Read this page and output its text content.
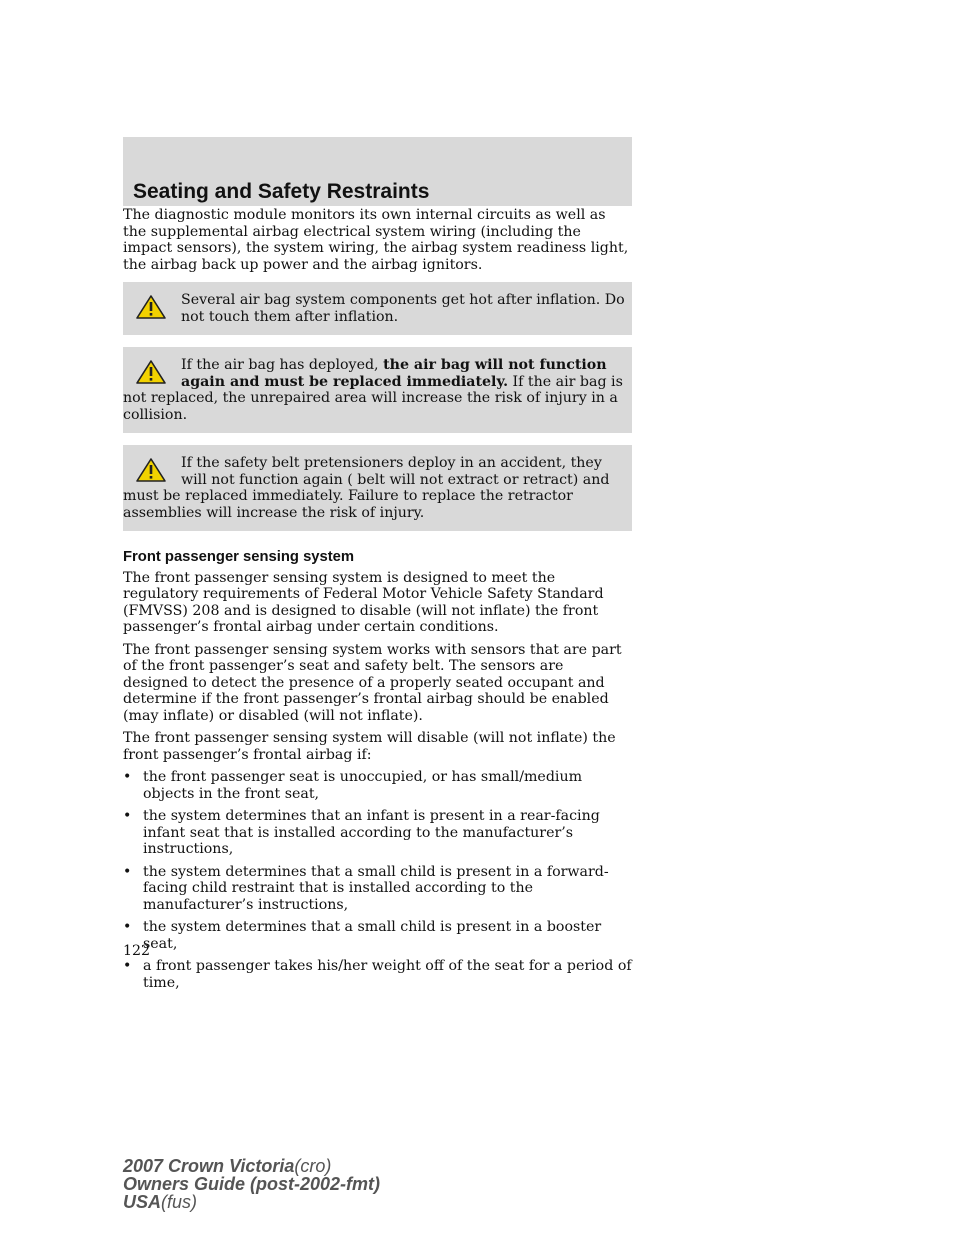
Seating and Safety Restraints

The diagnostic module monitors its own internal circuits as well as the supplemental airbag electrical system wiring (including the impact sensors), the system wiring, the airbag system readiness light, the airbag back up power and the airbag ignitors.

Several air bag system components get hot after inflation. Do not touch them after inflation.
If the air bag has deployed, the air bag will not function again and must be replaced immediately. If the air bag is not replaced, the unrepaired area will increase the risk of injury in a collision.
If the safety belt pretensioners deploy in an accident, they will not function again ( belt will not extract or retract) and must be replaced immediately. Failure to replace the retractor assemblies will increase the risk of injury.
Front passenger sensing system

The front passenger sensing system is designed to meet the regulatory requirements of Federal Motor Vehicle Safety Standard (FMVSS) 208 and is designed to disable (will not inflate) the front passenger’s frontal airbag under certain conditions.

The front passenger sensing system works with sensors that are part of the front passenger’s seat and safety belt. The sensors are designed to detect the presence of a properly seated occupant and determine if the front passenger’s frontal airbag should be enabled (may inflate) or disabled (will not inflate).

The front passenger sensing system will disable (will not inflate) the front passenger’s frontal airbag if:

• the front passenger seat is unoccupied, or has small/medium objects in the front seat,
• the system determines that an infant is present in a rear-facing infant seat that is installed according to the manufacturer’s instructions,
• the system determines that a small child is present in a forward-facing child restraint that is installed according to the manufacturer’s instructions,
• the system determines that a small child is present in a booster seat,
• a front passenger takes his/her weight off of the seat for a period of time,
122
2007 Crown Victoria(cro)
Owners Guide (post-2002-fmt)
USA(fus)
